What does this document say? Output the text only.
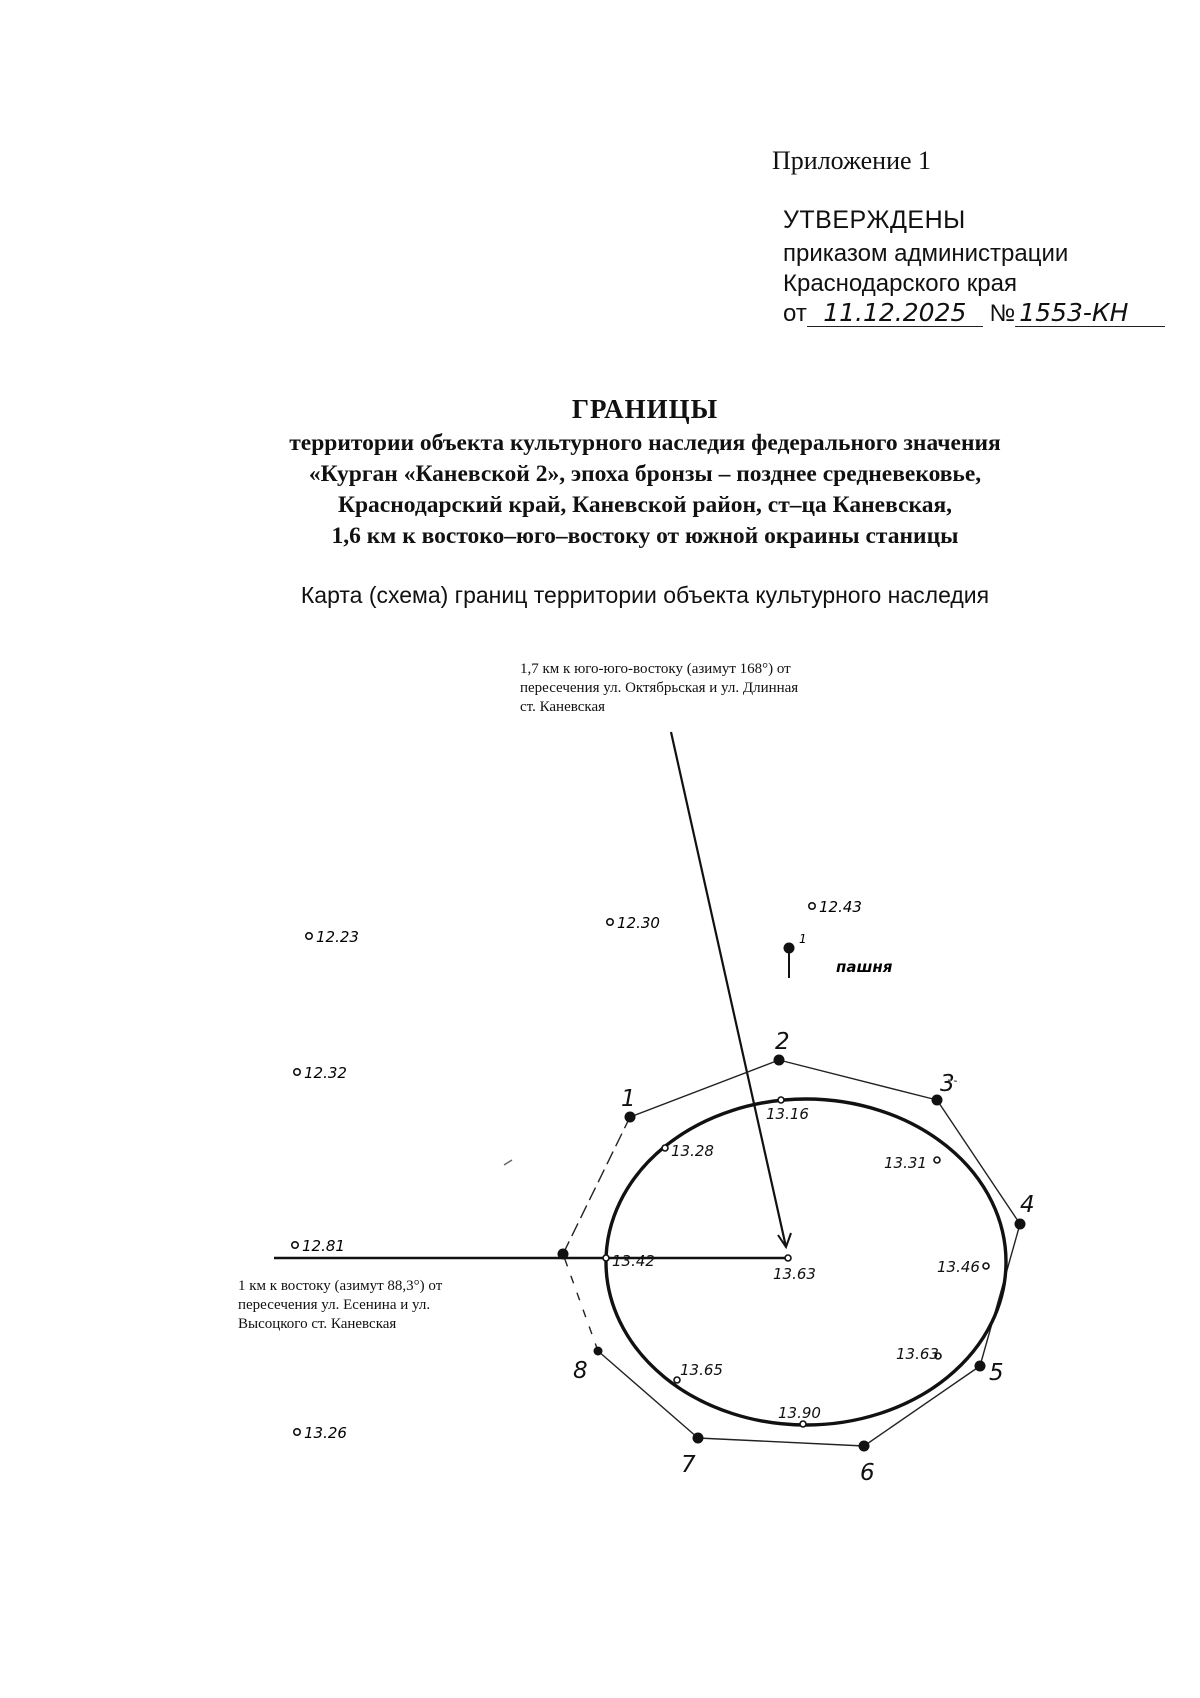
Приложение 1
УТВЕРЖДЕНЫ
приказом администрации
Краснодарского края
от 11.12.2025 № 1553-КН
ГРАНИЦЫ
территории объекта культурного наследия федерального значения
«Курган «Каневской 2», эпоха бронзы – позднее средневековье,
Краснодарский край, Каневской район, ст–ца Каневская,
1,6 км к востоко–юго–востоку от южной окраины станицы
Карта (схема) границ территории объекта культурного наследия
1,7 км к юго-юго-востоку (азимут 168°) от
пересечения ул. Октябрьская и ул. Длинная
ст. Каневская
1 км к востоку (азимут 88,3°) от
пересечения ул. Есенина и ул.
Высоцкого ст. Каневская
1
2
3
4
5
6
7
8
13.16
13.28
13.31
13.42
13.63	13.46
13.65
13.63
13.90
12.23
12.30
12.43
12.32
12.81
13.26
1
пашня
